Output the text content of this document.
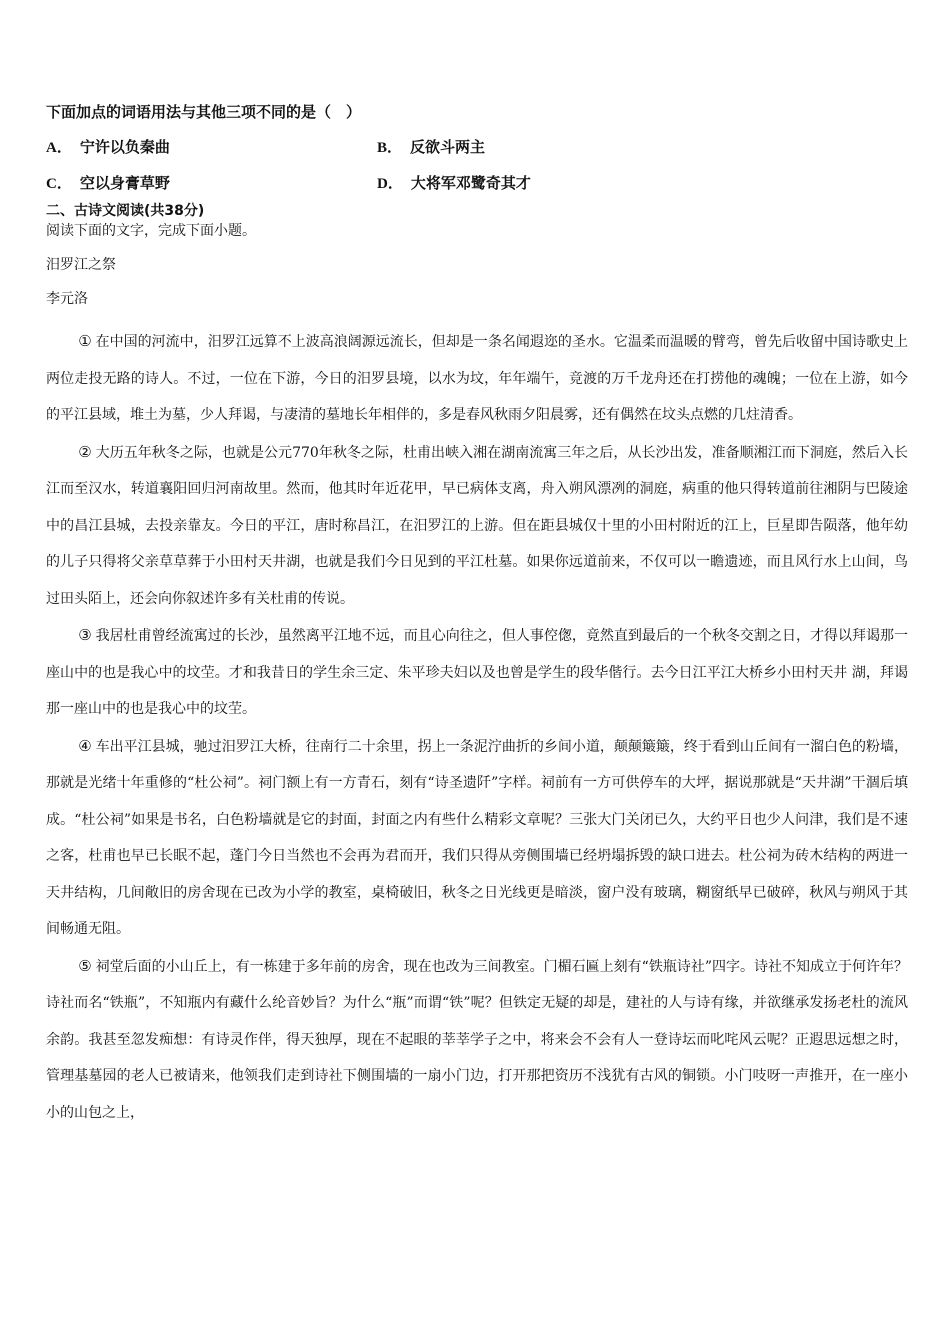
下面加点的词语用法与其他三项不同的是（　）
A． 宁许以负秦曲	B． 反欲斗两主
C． 空以身膏草野	D． 大将军邓鹭奇其才
二、古诗文阅读(共38分)
阅读下面的文字，完成下面小题。
汨罗江之祭
李元洛

① 在中国的河流中，汨罗江远算不上波高浪阔源远流长，但却是一条名闻遐迩的圣水。它温柔而温暖的臂弯，曾先后收留中国诗歌史上两位走投无路的诗人。不过，一位在下游，今日的汨罗县境，以水为坟，年年端午，竞渡的万千龙舟还在打捞他的魂魄；一位在上游，如今的平江县域，堆土为墓，少人拜谒，与凄清的墓地长年相伴的，多是春风秋雨夕阳晨雾，还有偶然在坟头点燃的几炷清香。

② 大历五年秋冬之际，也就是公元770年秋冬之际，杜甫出峡入湘在湖南流寓三年之后，从长沙出发，准备顺湘江而下洞庭，然后入长江而至汉水，转道襄阳回归河南故里。然而，他其时年近花甲，早已病体支离，舟入朔风漂冽的洞庭，病重的他只得转道前往湘阴与巴陵途中的昌江县城，去投亲靠友。今日的平江，唐时称昌江，在汨罗江的上游。但在距县城仅十里的小田村附近的江上，巨星即告陨落，他年幼的儿子只得将父亲草草葬于小田村天井湖，也就是我们今日见到的平江杜墓。如果你远道前来，不仅可以一瞻遗迹，而且风行水上山间，鸟过田头陌上，还会向你叙述许多有关杜甫的传说。

③ 我居杜甫曾经流寓过的长沙，虽然离平江地不远，而且心向往之，但人事倥偬，竟然直到最后的一个秋冬交割之日，才得以拜谒那一座山中的也是我心中的坟茔。才和我昔日的学生余三定、朱平珍夫妇以及也曾是学生的段华偕行。去今日江平江大桥乡小田村天井 湖，拜谒那一座山中的也是我心中的坟茔。

④ 车出平江县城，驰过汨罗江大桥，往南行二十余里，拐上一条泥泞曲折的乡间小道，颠颠簸簸，终于看到山丘间有一溜白色的粉墙，那就是光绪十年重修的“杜公祠”。祠门额上有一方青石，刻有“诗圣遗阡”字样。祠前有一方可供停车的大坪，据说那就是“天井湖”干涸后填成。“杜公祠”如果是书名，白色粉墙就是它的封面，封面之内有些什么精彩文章呢？三张大门关闭已久，大约平日也少人问津，我们是不速之客，杜甫也早已长眠不起，蓬门今日当然也不会再为君而开，我们只得从旁侧围墙已经坍塌拆毁的缺口进去。杜公祠为砖木结构的两进一天井结构，几间敞旧的房舍现在已改为小学的教室，桌椅破旧，秋冬之日光线更是暗淡，窗户没有玻璃，糊窗纸早已破碎，秋风与朔风于其间畅通无阻。

⑤ 祠堂后面的小山丘上，有一栋建于多年前的房舍，现在也改为三间教室。门楣石匾上刻有“铁瓶诗社”四字。诗社不知成立于何许年？诗社而名“铁瓶”，不知瓶内有藏什么纶音妙旨？为什么“瓶”而谓“铁”呢？但铁定无疑的却是，建社的人与诗有缘，并欲继承发扬老杜的流风余韵。我甚至忽发痴想：有诗灵作伴，得天独厚，现在不起眼的莘莘学子之中，将来会不会有人一登诗坛而叱咤风云呢？正遐思远想之时，管理基墓园的老人已被请来，他领我们走到诗社下侧围墙的一扇小门边，打开那把资历不浅犹有古风的铜锁。小门吱呀一声推开，在一座小小的山包之上，
